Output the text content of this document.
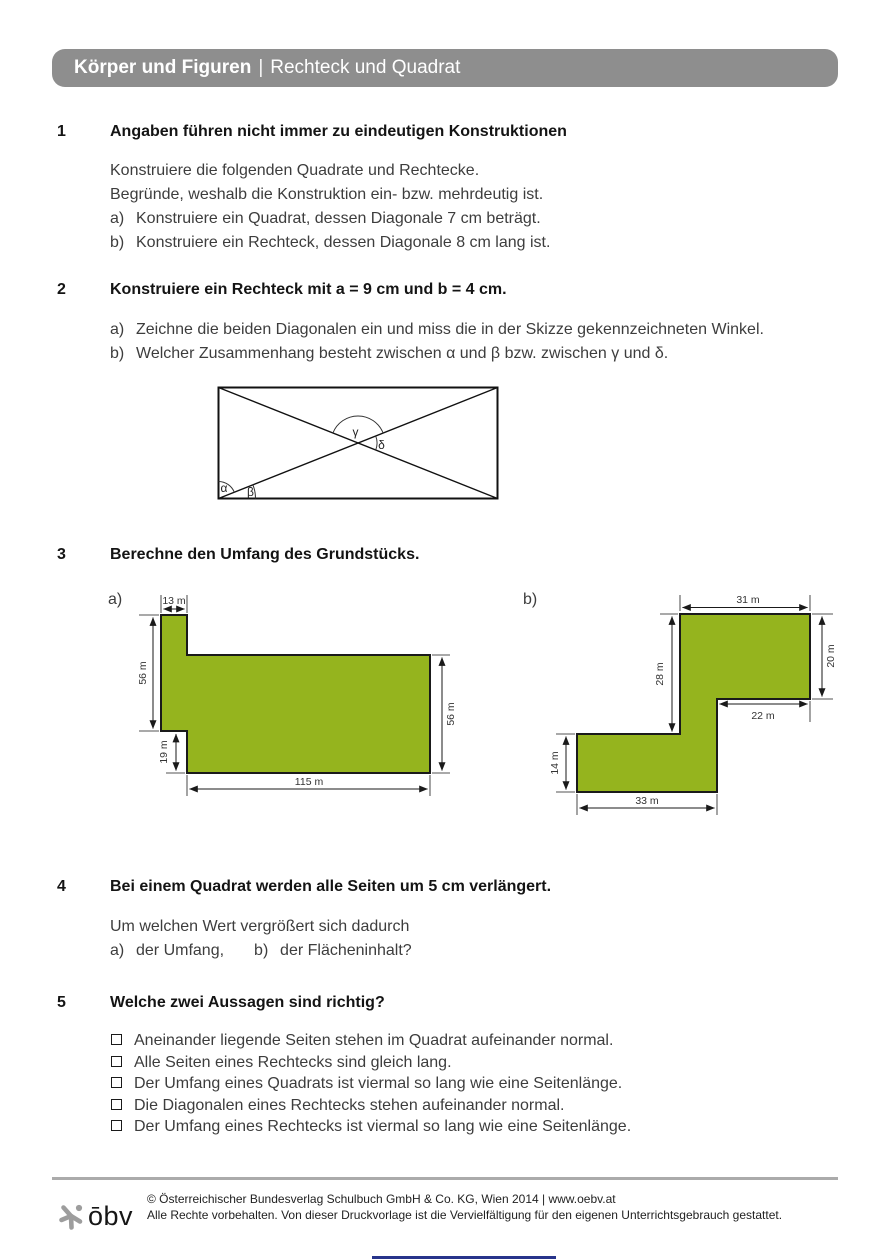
Körper und Figuren | Rechteck und Quadrat
1	Angaben führen nicht immer zu eindeutigen Konstruktionen
Konstruiere die folgenden Quadrate und Rechtecke.
Begründe, weshalb die Konstruktion ein- bzw. mehrdeutig ist.
a) Konstruiere ein Quadrat, dessen Diagonale 7 cm beträgt.
b) Konstruiere ein Rechteck, dessen Diagonale 8 cm lang ist.
2	Konstruiere ein Rechteck mit a = 9 cm und b = 4 cm.
a) Zeichne die beiden Diagonalen ein und miss die in der Skizze gekennzeichneten Winkel.
b) Welcher Zusammenhang besteht zwischen α und β bzw. zwischen γ und δ.
α β
γ
δ
3	Berechne den Umfang des Grundstücks.
a)	b)
13 m
56 m
19 m
115 m
56 m
31 m
20 m
28 m
22 m
14 m
33 m
4	Bei einem Quadrat werden alle Seiten um 5 cm verlängert.
Um welchen Wert vergrößert sich dadurch
a) der Umfang, b) der Flächeninhalt?
5	Welche zwei Aussagen sind richtig?
Aneinander liegende Seiten stehen im Quadrat aufeinander normal.
Alle Seiten eines Rechtecks sind gleich lang.
Der Umfang eines Quadrats ist viermal so lang wie eine Seitenlänge.
Die Diagonalen eines Rechtecks stehen aufeinander normal.
Der Umfang eines Rechtecks ist viermal so lang wie eine Seitenlänge.
ōbv
© Österreichischer Bundesverlag Schulbuch GmbH & Co. KG, Wien 2014 | www.oebv.at
Alle Rechte vorbehalten. Von dieser Druckvorlage ist die Vervielfältigung für den eigenen Unterrichtsgebrauch gestattet.
